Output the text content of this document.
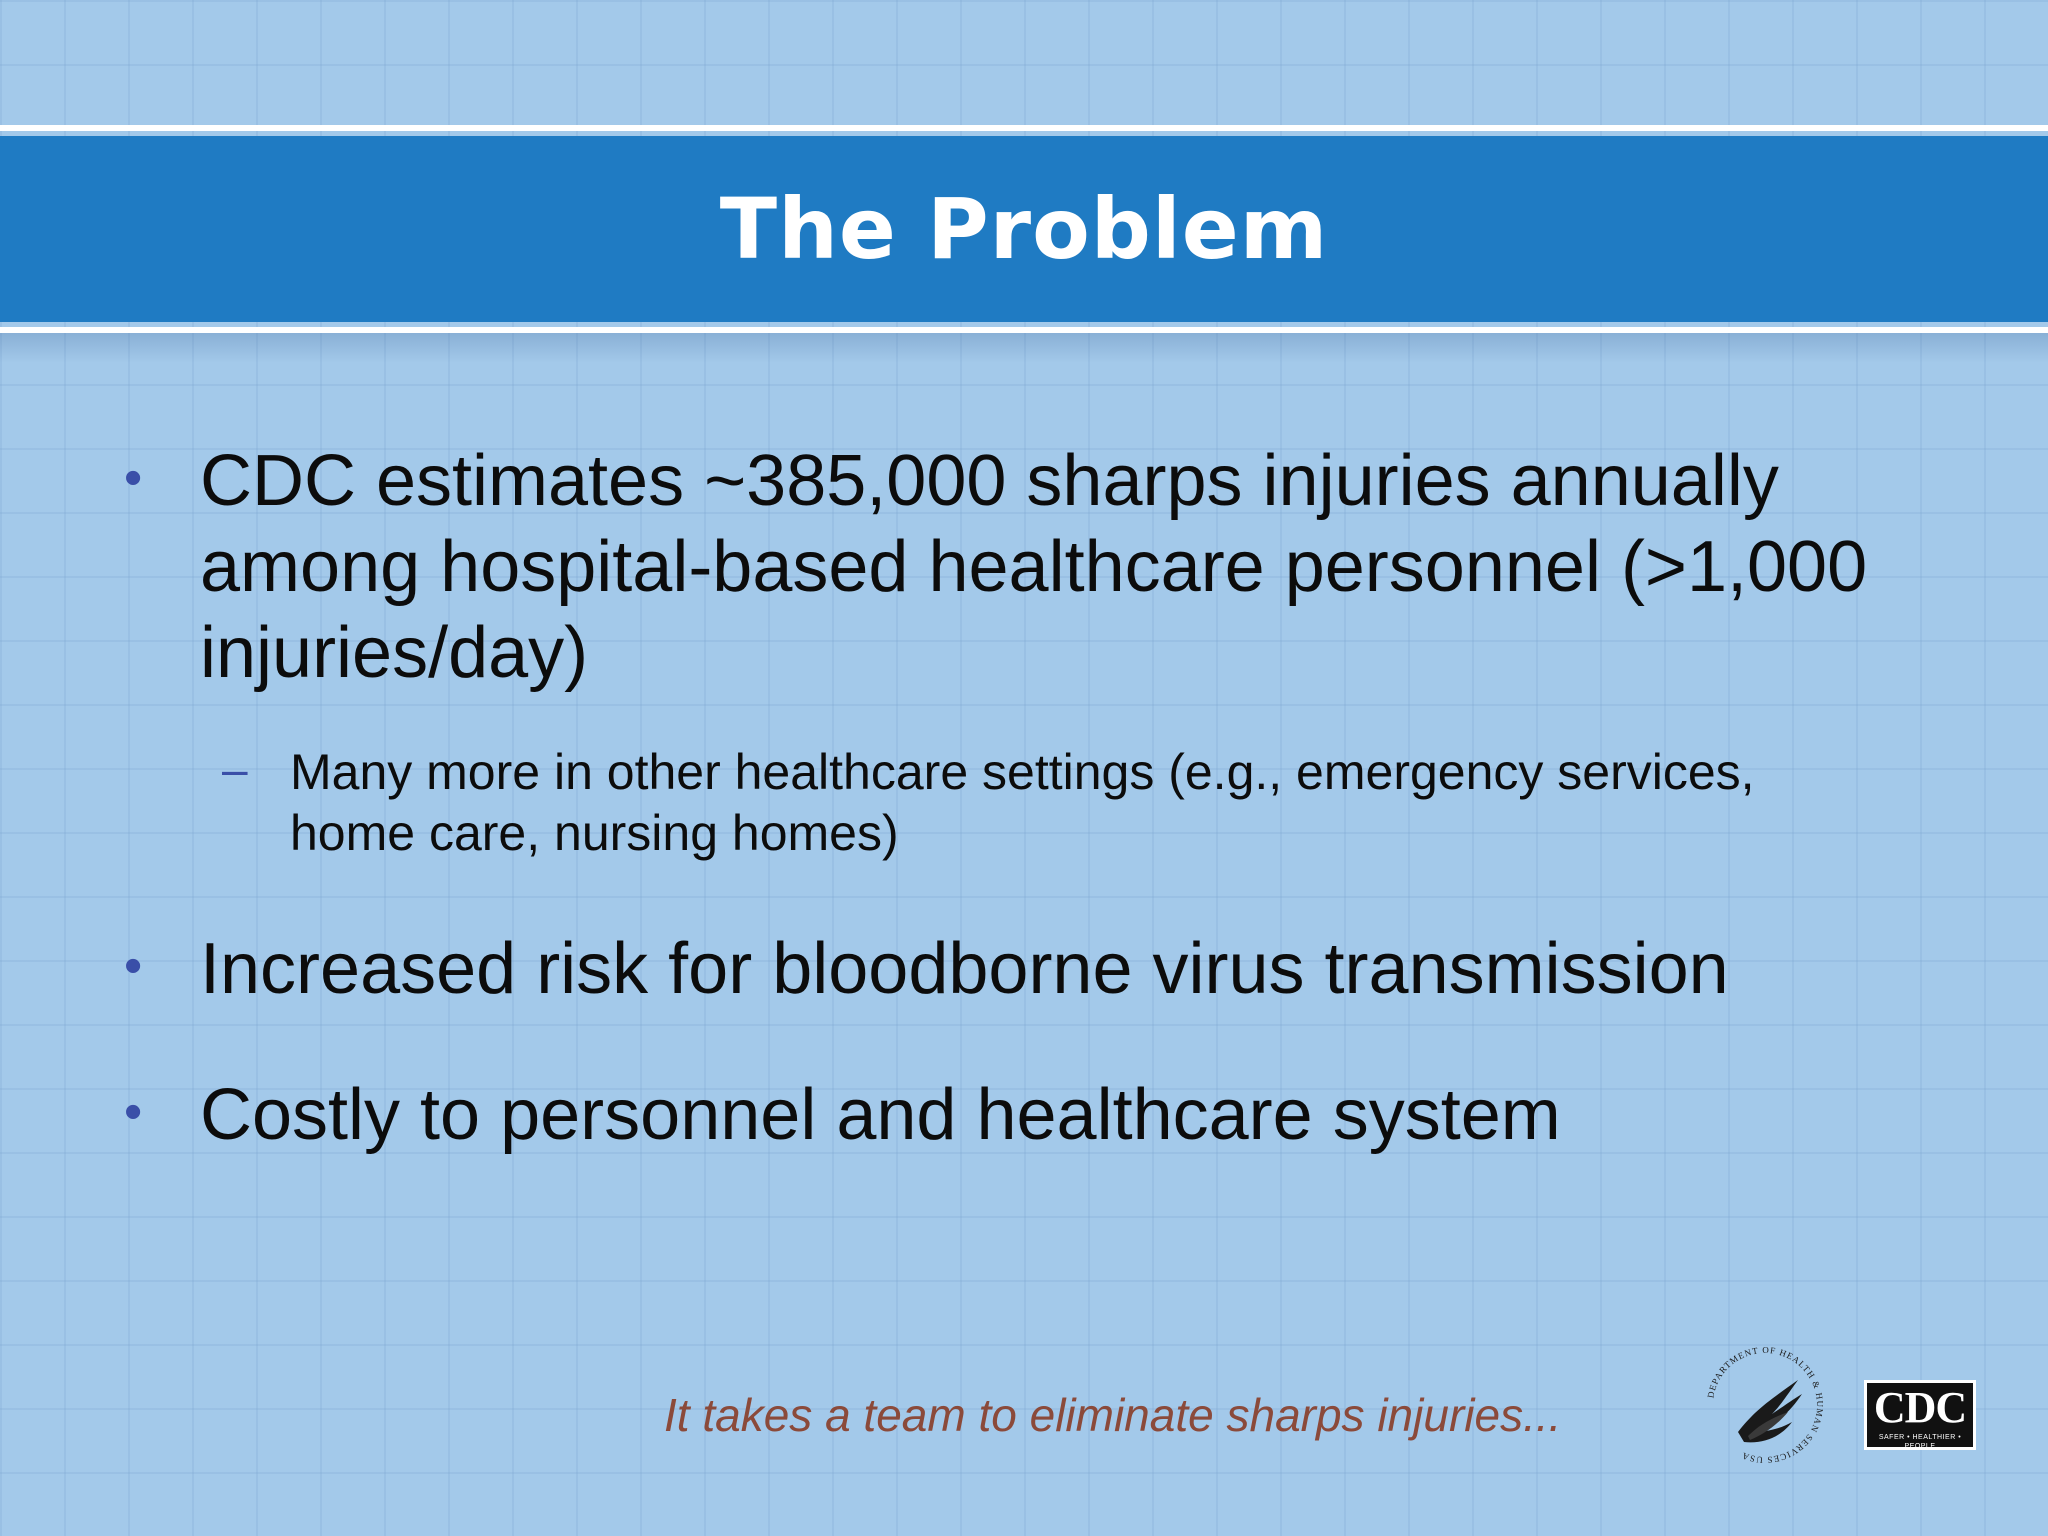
The Problem
• CDC estimates ~385,000 sharps injuries annually among hospital-based healthcare personnel (>1,000 injuries/day)
– Many more in other healthcare settings (e.g., emergency services, home care, nursing homes)
• Increased risk for bloodborne virus transmission
• Costly to personnel and healthcare system
It takes a team to eliminate sharps injuries...	DEPARTMENT OF HEALTH & HUMAN SERVICES USA
CDC
SAFER • HEALTHIER • PEOPLE
